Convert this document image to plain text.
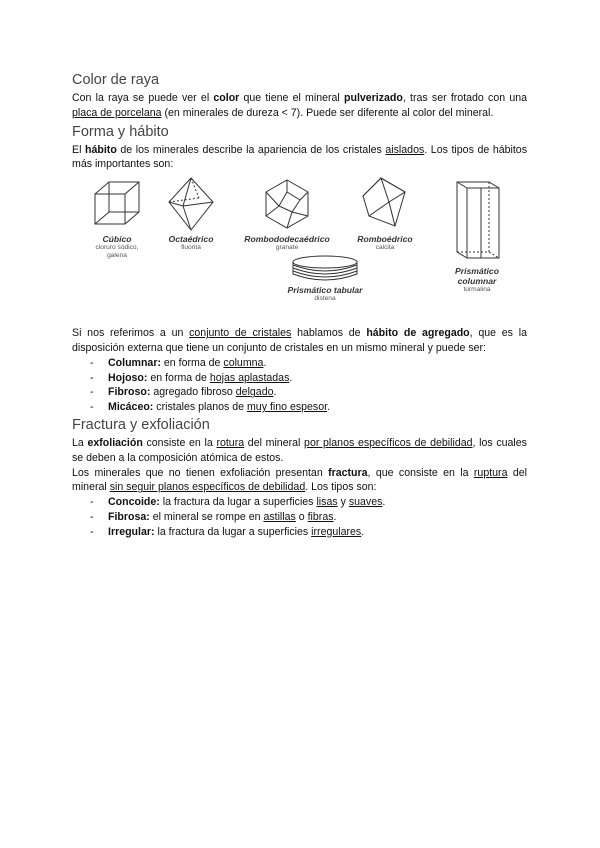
Color de raya

Con la raya se puede ver el color que tiene el mineral pulverizado, tras ser frotado con una placa de porcelana (en minerales de dureza < 7). Puede ser diferente al color del mineral.

Forma y hábito

El hábito de los minerales describe la apariencia de los cristales aislados. Los tipos de hábitos más importantes son:

Cúbico
cloruro sódico,
galena
Octaédrico
fluorita
Rombododecaédrico
granate
Romboédrico
calcita
Prismático tabular
distena
Prismático
columnar
turmalina

Si nos referimos a un conjunto de cristales hablamos de hábito de agregado, que es la disposición externa que tiene un conjunto de cristales en un mismo mineral y puede ser:

- Columnar: en forma de columna.
- Hojoso: en forma de hojas aplastadas.
- Fibroso: agregado fibroso delgado.
- Micáceo: cristales planos de muy fino espesor.
Fractura y exfoliación

La exfoliación consiste en la rotura del mineral por planos específicos de debilidad, los cuales se deben a la composición atómica de estos.

Los minerales que no tienen exfoliación presentan fractura, que consiste en la ruptura del mineral sin seguir planos específicos de debilidad. Los tipos son:

- Concoide: la fractura da lugar a superficies lisas y suaves.
- Fibrosa: el mineral se rompe en astillas o fibras.
- Irregular: la fractura da lugar a superficies irregulares.
